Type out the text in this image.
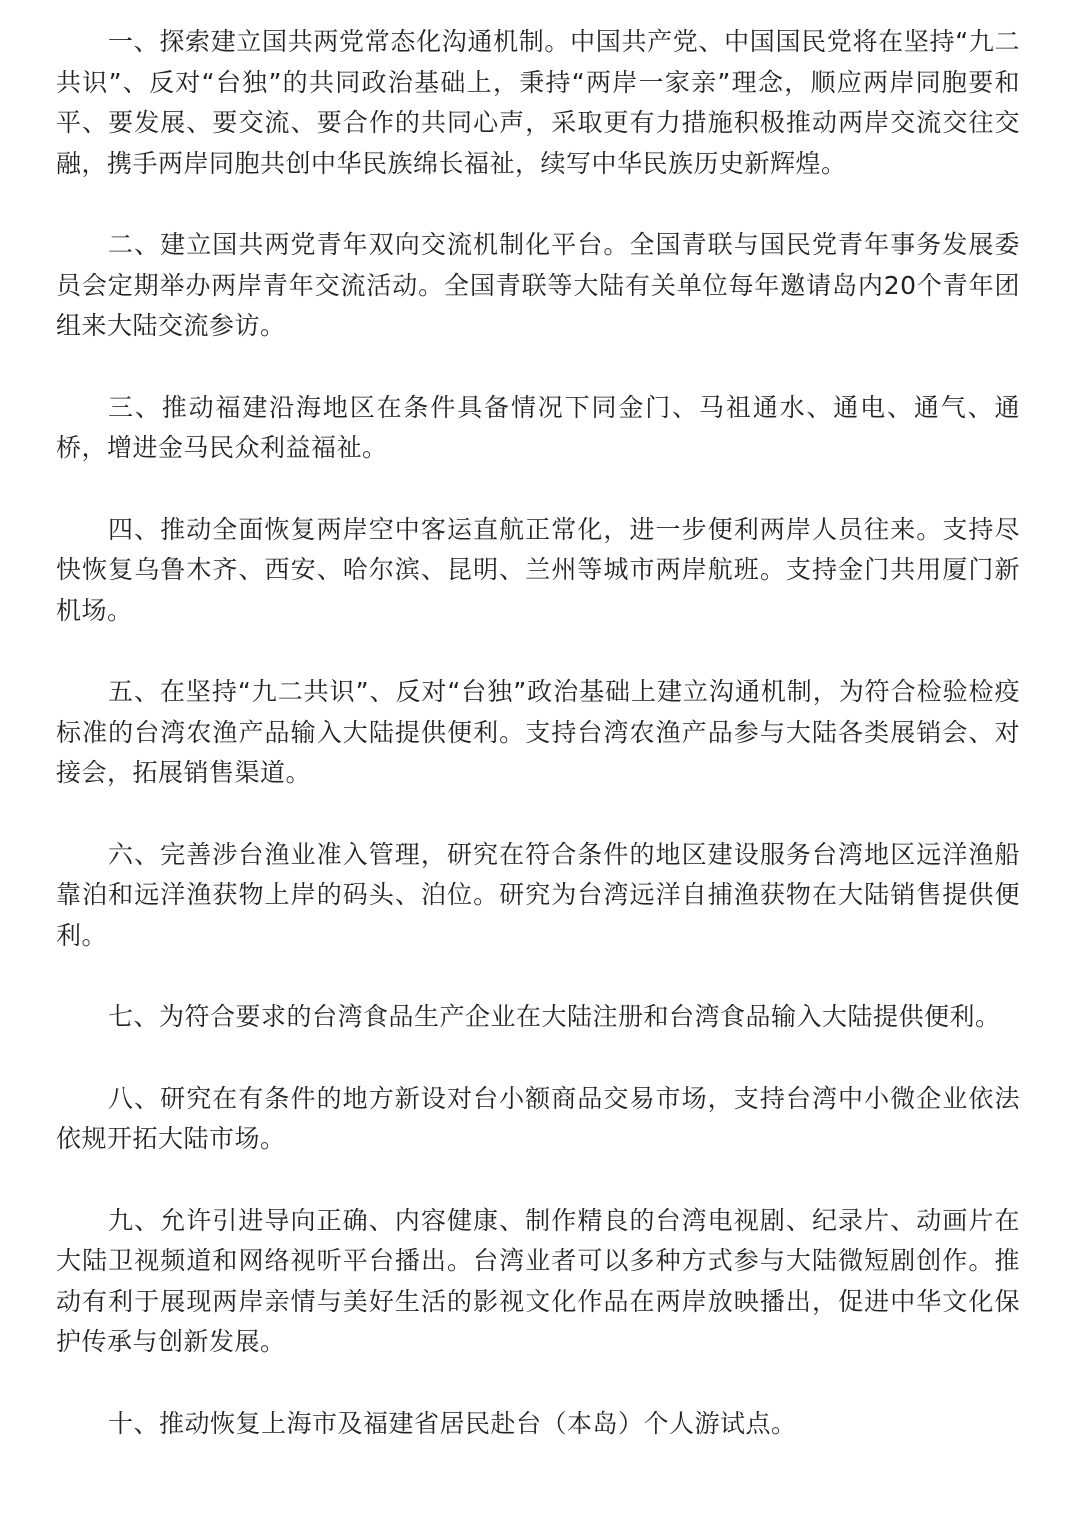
一、探索建立国共两党常态化沟通机制。中国共产党、中国国民党将在坚持“九二共识”、反对“台独”的共同政治基础上，秉持“两岸一家亲”理念，顺应两岸同胞要和平、要发展、要交流、要合作的共同心声，采取更有力措施积极推动两岸交流交往交融，携手两岸同胞共创中华民族绵长福祉，续写中华民族历史新辉煌。

二、建立国共两党青年双向交流机制化平台。全国青联与国民党青年事务发展委员会定期举办两岸青年交流活动。全国青联等大陆有关单位每年邀请岛内20个青年团组来大陆交流参访。

三、推动福建沿海地区在条件具备情况下同金门、马祖通水、通电、通气、通桥，增进金马民众利益福祉。

四、推动全面恢复两岸空中客运直航正常化，进一步便利两岸人员往来。支持尽快恢复乌鲁木齐、西安、哈尔滨、昆明、兰州等城市两岸航班。支持金门共用厦门新机场。

五、在坚持“九二共识”、反对“台独”政治基础上建立沟通机制，为符合检验检疫标准的台湾农渔产品输入大陆提供便利。支持台湾农渔产品参与大陆各类展销会、对接会，拓展销售渠道。

六、完善涉台渔业准入管理，研究在符合条件的地区建设服务台湾地区远洋渔船靠泊和远洋渔获物上岸的码头、泊位。研究为台湾远洋自捕渔获物在大陆销售提供便利。

七、为符合要求的台湾食品生产企业在大陆注册和台湾食品输入大陆提供便利。

八、研究在有条件的地方新设对台小额商品交易市场，支持台湾中小微企业依法依规开拓大陆市场。

九、允许引进导向正确、内容健康、制作精良的台湾电视剧、纪录片、动画片在大陆卫视频道和网络视听平台播出。台湾业者可以多种方式参与大陆微短剧创作。推动有利于展现两岸亲情与美好生活的影视文化作品在两岸放映播出，促进中华文化保护传承与创新发展。

十、推动恢复上海市及福建省居民赴台（本岛）个人游试点。
